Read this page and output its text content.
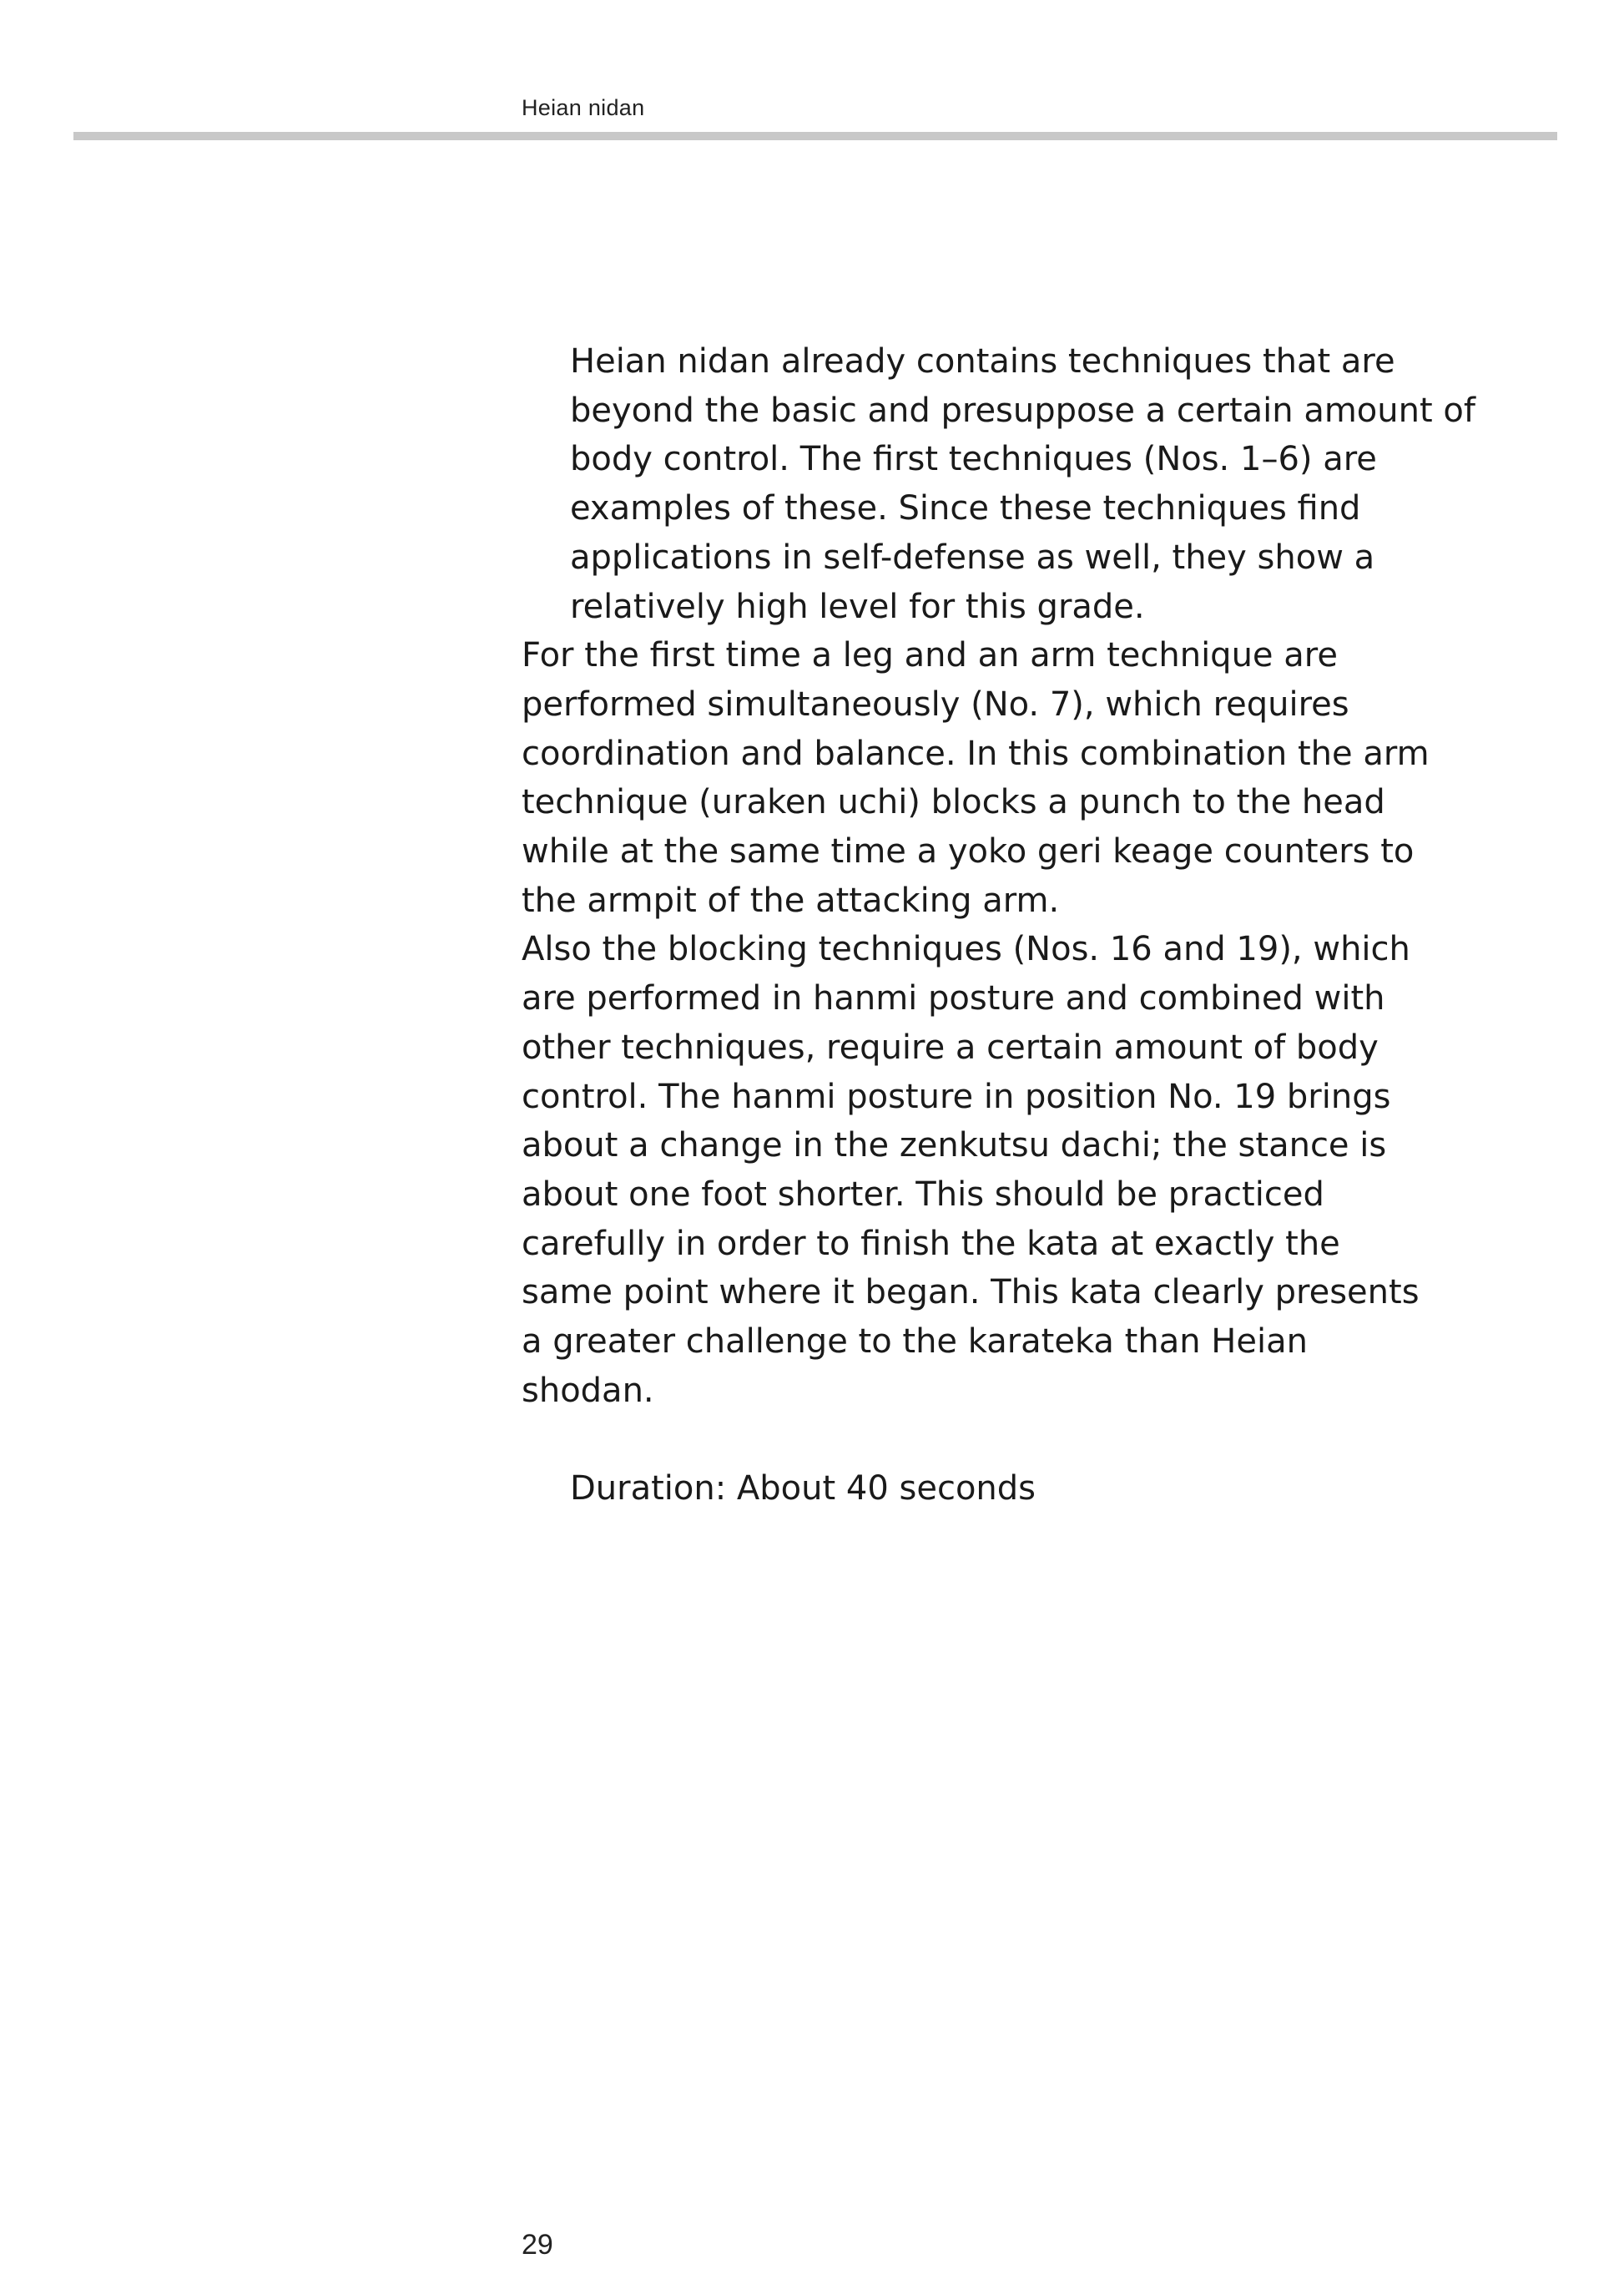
Heian nidan

Heian nidan already contains techniques that are
beyond the basic and presuppose a certain amount of
body control. The first techniques (Nos. 1–6) are
examples of these. Since these techniques find
applications in self-defense as well, they show a
relatively high level for this grade.

For the first time a leg and an arm technique are
performed simultaneously (No. 7), which requires
coordination and balance. In this combination the arm
technique (uraken uchi) blocks a punch to the head
while at the same time a yoko geri keage counters to
the armpit of the attacking arm.

Also the blocking techniques (Nos. 16 and 19), which
are performed in hanmi posture and combined with
other techniques, require a certain amount of body
control. The hanmi posture in position No. 19 brings
about a change in the zenkutsu dachi; the stance is
about one foot shorter. This should be practiced
carefully in order to finish the kata at exactly the
same point where it began. This kata clearly presents
a greater challenge to the karateka than Heian
shodan.

Duration: About 40 seconds

29
